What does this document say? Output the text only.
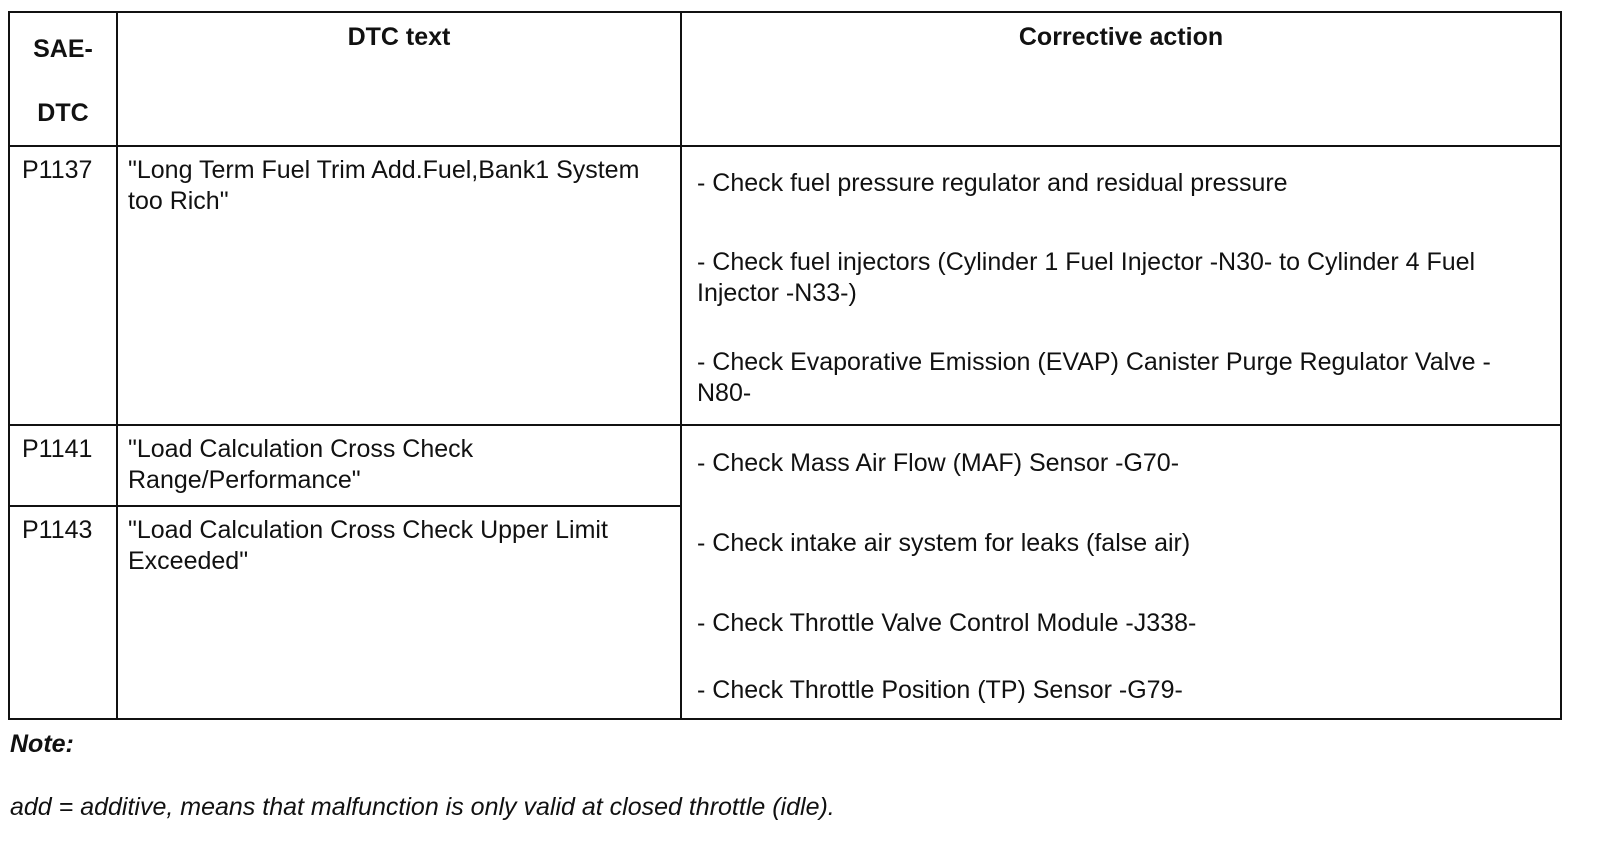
SAE-
DTC	DTC text	Corrective action
P1137	"Long Term Fuel Trim Add.Fuel,Bank1 System too Rich"	- Check fuel pressure regulator and residual pressure
- Check fuel injectors (Cylinder 1 Fuel Injector -N30- to Cylinder 4 Fuel Injector -N33-)
- Check Evaporative Emission (EVAP) Canister Purge Regulator Valve -N80-

P1141	"Load Calculation Cross Check Range/Performance"	- Check Mass Air Flow (MAF) Sensor -G70-
- Check intake air system for leaks (false air)
- Check Throttle Valve Control Module -J338-
- Check Throttle Position (TP) Sensor -G79-

P1143	"Load Calculation Cross Check Upper Limit Exceeded"	
Note:
add = additive, means that malfunction is only valid at closed throttle (idle).
